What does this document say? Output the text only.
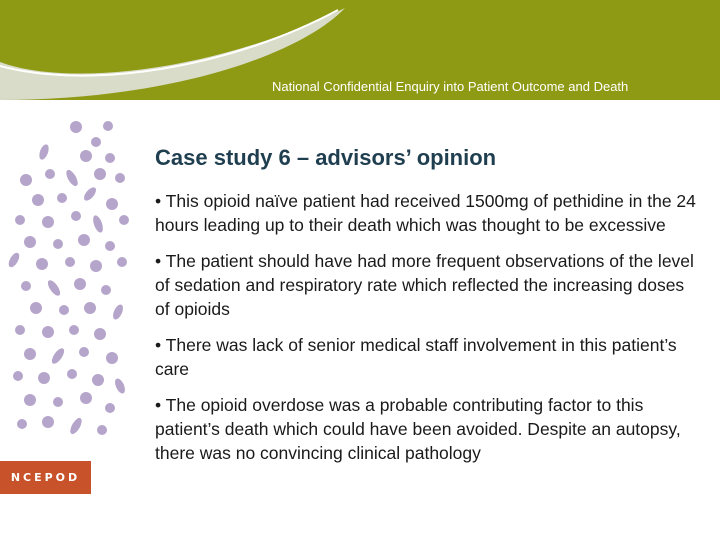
National Confidential Enquiry into Patient Outcome and Death
NCEPOD
Case study 6 – advisors’ opinion
• This opioid naïve patient had received 1500mg of pethidine in the 24 hours leading up to their death which was thought to be excessive
• The patient should have had more frequent observations of the level of sedation and respiratory rate which reflected the increasing doses of opioids
• There was lack of senior medical staff involvement in this patient’s care
• The opioid overdose was a probable contributing factor to this patient’s death which could have been avoided. Despite an autopsy, there was no convincing clinical pathology
